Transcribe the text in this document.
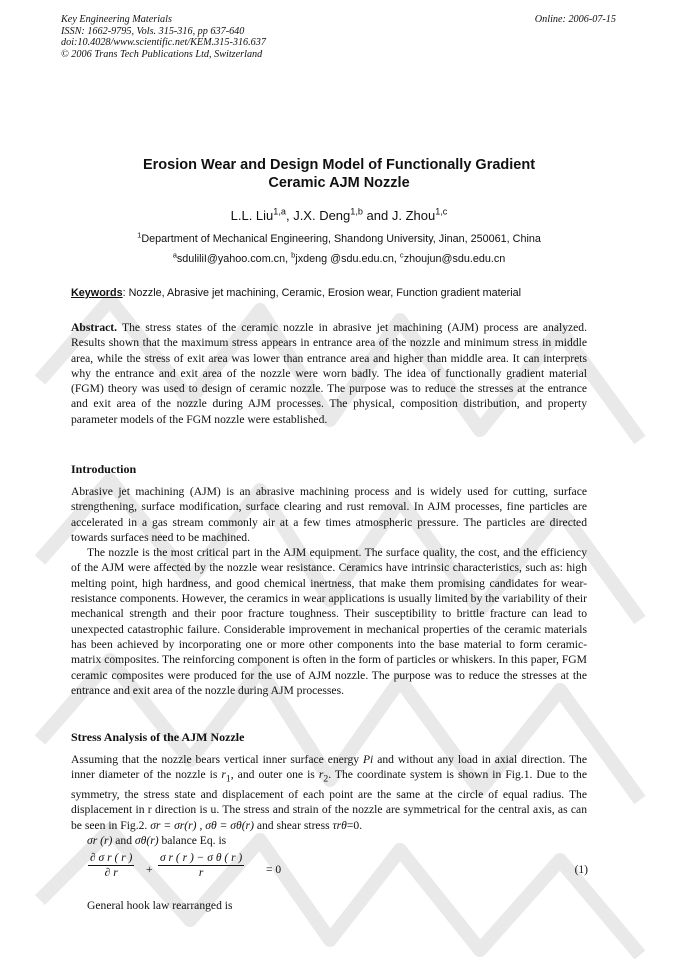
Key Engineering Materials
ISSN: 1662-9795, Vols. 315-316, pp 637-640
doi:10.4028/www.scientific.net/KEM.315-316.637
© 2006 Trans Tech Publications Ltd, Switzerland
Online: 2006-07-15
Erosion Wear and Design Model of Functionally Gradient
Ceramic AJM Nozzle
L.L. Liu$^{1,a}$, J.X. Deng$^{1,b}$ and J. Zhou$^{1,c}$
$^1$Department of Mechanical Engineering, Shandong University, Jinan, 250061, China
$^a$sduliliI@yahoo.com.cn, $^b$jxdeng @sdu.edu.cn, $^c$zhoujun@sdu.edu.cn
Keywords: Nozzle, Abrasive jet machining, Ceramic, Erosion wear, Function gradient material

Abstract. The stress states of the ceramic nozzle in abrasive jet machining (AJM) process are analyzed. Results shown that the maximum stress appears in entrance area of the nozzle and minimum stress in middle area, while the stress of exit area was lower than entrance area and higher than middle area. It can interprets why the entrance and exit area of the nozzle were worn badly. The idea of functionally gradient material (FGM) theory was used to design of ceramic nozzle. The purpose was to reduce the stresses at the entrance and exit area of the nozzle during AJM processes. The physical, composition distribution, and property parameter models of the FGM nozzle were established.

Introduction

Abrasive jet machining (AJM) is an abrasive machining process and is widely used for cutting, surface strengthening, surface modification, surface clearing and rust removal. In AJM processes, fine particles are accelerated in a gas stream commonly air at a few times atmospheric pressure. The particles are directed towards surfaces need to be machined.

The nozzle is the most critical part in the AJM equipment. The surface quality, the cost, and the efficiency of the AJM were affected by the nozzle wear resistance. Ceramics have intrinsic characteristics, such as: high melting point, high hardness, and good chemical inertness, that make them promising candidates for wear-resistance components. However, the ceramics in wear applications is usually limited by the variability of their mechanical strength and their poor fracture toughness. Their susceptibility to brittle fracture can lead to unexpected catastrophic failure. Considerable improvement in mechanical properties of the ceramic materials has been achieved by incorporating one or more other components into the base material to form ceramic-matrix composites. The reinforcing component is often in the form of particles or whiskers. In this paper, FGM ceramic composites were produced for the use of AJM nozzle. The purpose was to reduce the stresses at the entrance and exit area of the nozzle during AJM processes.

Stress Analysis of the AJM Nozzle

Assuming that the nozzle bears vertical inner surface energy Pi and without any load in axial direction. The inner diameter of the nozzle is $r_1$, and outer one is $r_2$. The coordinate system is shown in Fig.1. Due to the symmetry, the stress state and displacement of each point are the same at the circle of equal radius. The displacement in r direction is u. The stress and strain of the nozzle are symmetrical for the central axis, as can be seen in Fig.2. σr = σr(r) , σθ = σθ(r) and shear stress τrθ=0.

σr (r) and σθ(r) balance Eq. is

$\frac{\text{∂ σ r ( r )}}{\partial r} + \frac{\text{σ r ( r ) − σ θ ( r )}}{r} = 0$	(1)

General hook law rearranged is
